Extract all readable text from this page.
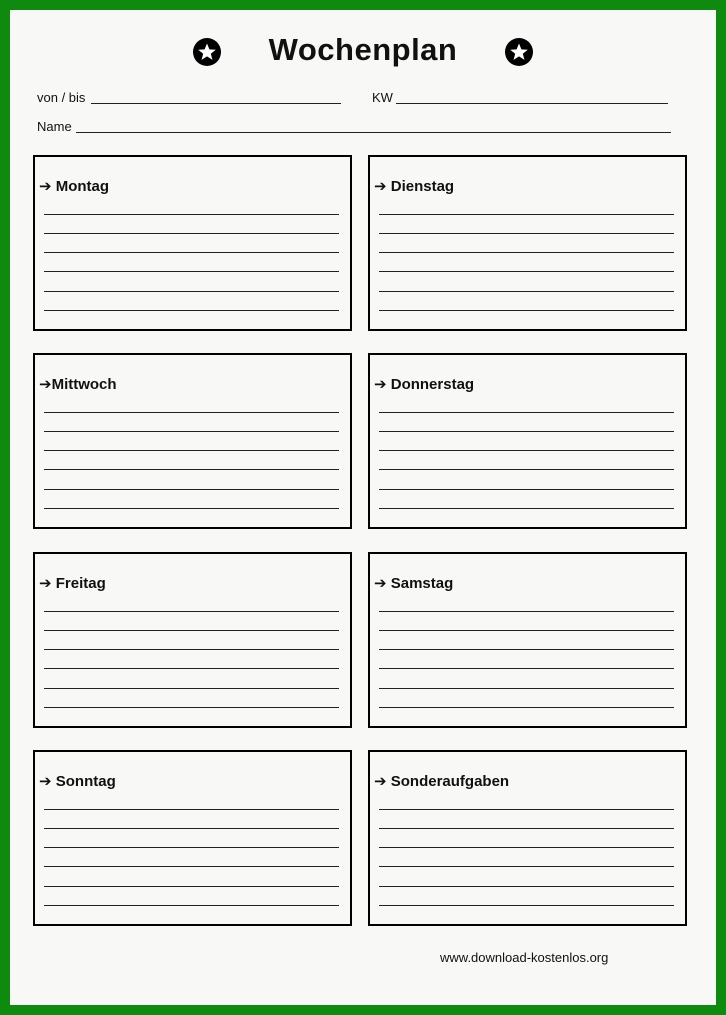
Wochenplan
von / bis	KW
Name
➔ Montag	➔ Dienstag
➔Mittwoch	➔ Donnerstag
➔ Freitag	➔ Samstag
➔ Sonntag	➔ Sonderaufgaben
www.download-kostenlos.org
